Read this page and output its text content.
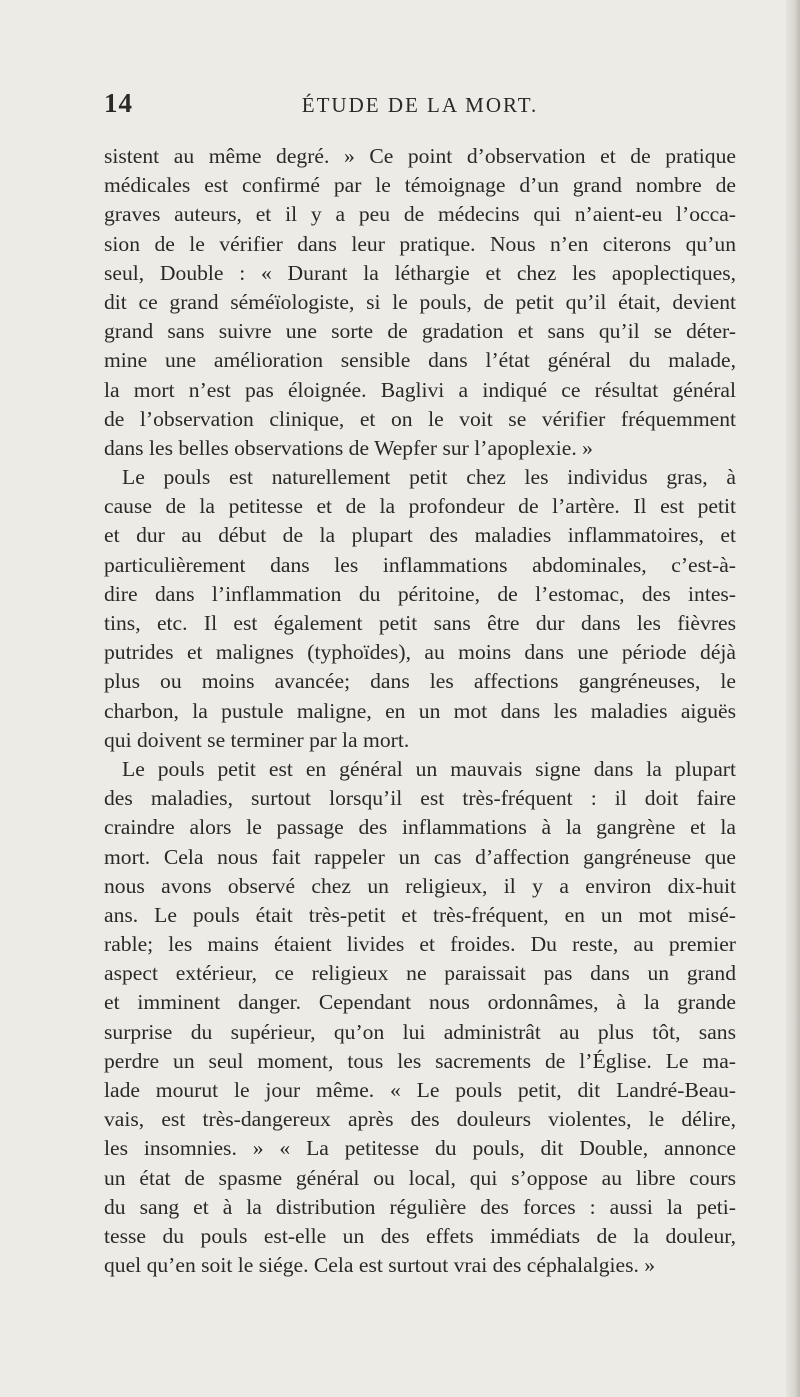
14	ÉTUDE DE LA MORT.
sistent au même degré. » Ce point d’observation et de pratique
médicales est confirmé par le témoignage d’un grand nombre de
graves auteurs, et il y a peu de médecins qui n’aient-eu l’occa-
sion de le vérifier dans leur pratique. Nous n’en citerons qu’un
seul, Double : « Durant la léthargie et chez les apoplectiques,
dit ce grand séméïologiste, si le pouls, de petit qu’il était, devient
grand sans suivre une sorte de gradation et sans qu’il se déter-
mine une amélioration sensible dans l’état général du malade,
la mort n’est pas éloignée. Baglivi a indiqué ce résultat général
de l’observation clinique, et on le voit se vérifier fréquemment
dans les belles observations de Wepfer sur l’apoplexie. »
Le pouls est naturellement petit chez les individus gras, à
cause de la petitesse et de la profondeur de l’artère. Il est petit
et dur au début de la plupart des maladies inflammatoires, et
particulièrement dans les inflammations abdominales, c’est-à-
dire dans l’inflammation du péritoine, de l’estomac, des intes-
tins, etc. Il est également petit sans être dur dans les fièvres
putrides et malignes (typhoïdes), au moins dans une période déjà
plus ou moins avancée; dans les affections gangréneuses, le
charbon, la pustule maligne, en un mot dans les maladies aiguës
qui doivent se terminer par la mort.
Le pouls petit est en général un mauvais signe dans la plupart
des maladies, surtout lorsqu’il est très-fréquent : il doit faire
craindre alors le passage des inflammations à la gangrène et la
mort. Cela nous fait rappeler un cas d’affection gangréneuse que
nous avons observé chez un religieux, il y a environ dix-huit
ans. Le pouls était très-petit et très-fréquent, en un mot misé-
rable; les mains étaient livides et froides. Du reste, au premier
aspect extérieur, ce religieux ne paraissait pas dans un grand
et imminent danger. Cependant nous ordonnâmes, à la grande
surprise du supérieur, qu’on lui administrât au plus tôt, sans
perdre un seul moment, tous les sacrements de l’Église. Le ma-
lade mourut le jour même. « Le pouls petit, dit Landré-Beau-
vais, est très-dangereux après des douleurs violentes, le délire,
les insomnies. » « La petitesse du pouls, dit Double, annonce
un état de spasme général ou local, qui s’oppose au libre cours
du sang et à la distribution régulière des forces : aussi la peti-
tesse du pouls est-elle un des effets immédiats de la douleur,
quel qu’en soit le siége. Cela est surtout vrai des céphalalgies. »
